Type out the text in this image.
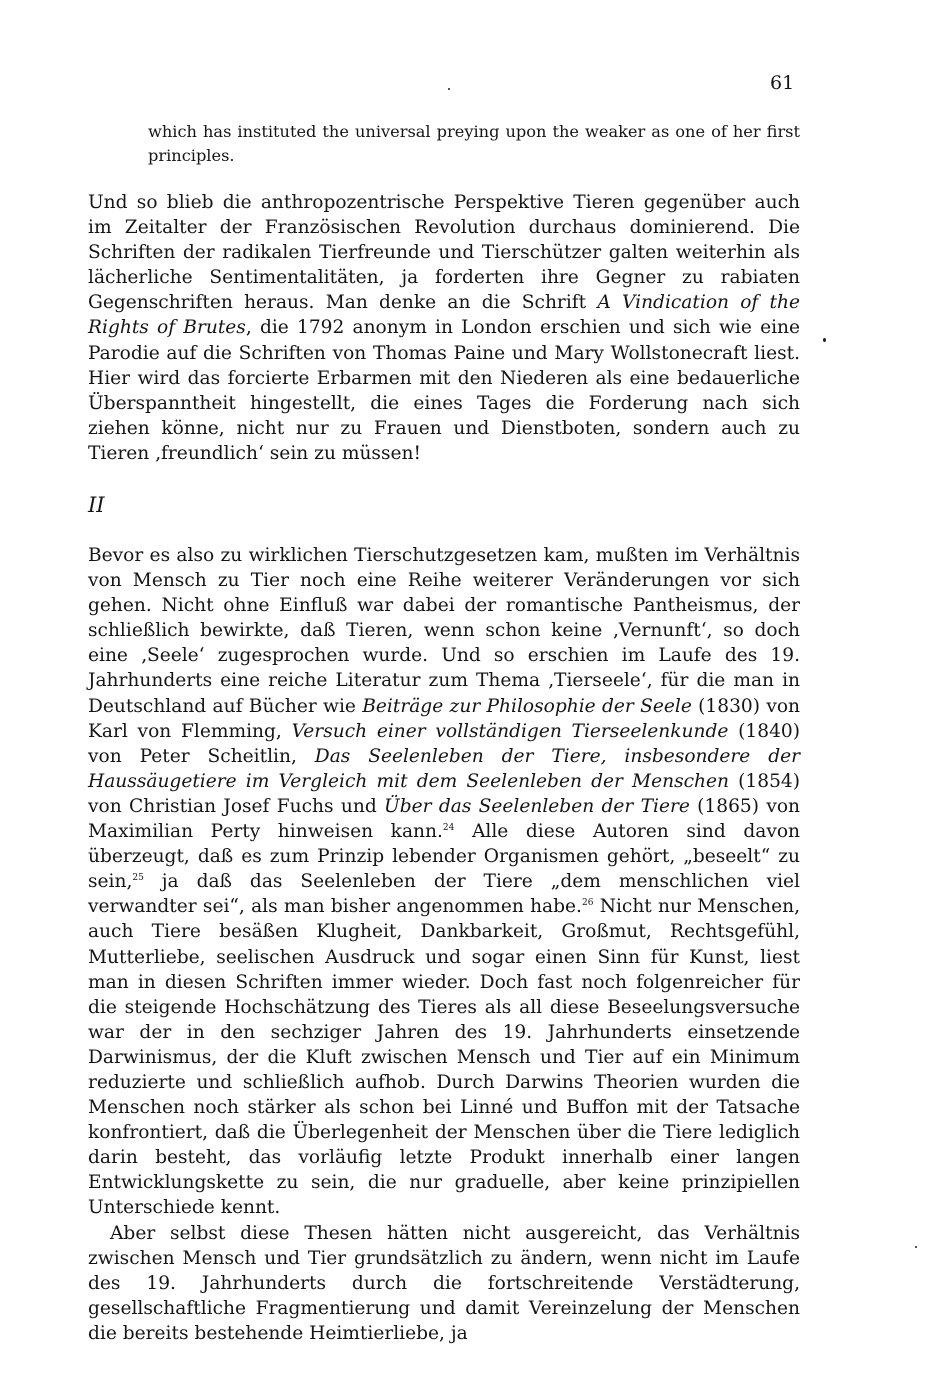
61
which has instituted the universal preying upon the weaker as one of her first principles.

Und so blieb die anthropozentrische Perspektive Tieren gegenüber auch im Zeitalter der Französischen Revolution durchaus dominierend. Die Schriften der radikalen Tierfreunde und Tierschützer galten weiterhin als lächerliche Sentimentalitäten, ja forderten ihre Gegner zu rabiaten Gegenschriften heraus. Man denke an die Schrift A Vindication of the Rights of Brutes, die 1792 anonym in London erschien und sich wie eine Parodie auf die Schriften von Thomas Paine und Mary Wollstonecraft liest. Hier wird das forcierte Erbarmen mit den Niederen als eine bedauerliche Überspanntheit hingestellt, die eines Tages die Forderung nach sich ziehen könne, nicht nur zu Frauen und Dienstboten, sondern auch zu Tieren ‚freundlich‘ sein zu müssen!

II

Bevor es also zu wirklichen Tierschutzgesetzen kam, mußten im Verhältnis von Mensch zu Tier noch eine Reihe weiterer Veränderungen vor sich gehen. Nicht ohne Einfluß war dabei der romantische Pantheismus, der schließlich bewirkte, daß Tieren, wenn schon keine ‚Vernunft‘, so doch eine ‚Seele‘ zugesprochen wurde. Und so erschien im Laufe des 19. Jahrhunderts eine reiche Literatur zum Thema ‚Tierseele‘, für die man in Deutschland auf Bücher wie Beiträge zur Philosophie der Seele (1830) von Karl von Flemming, Versuch einer vollständigen Tierseelenkunde (1840) von Peter Scheitlin, Das Seelenleben der Tiere, insbesondere der Haussäugetiere im Vergleich mit dem Seelenleben der Menschen (1854) von Christian Josef Fuchs und Über das Seelenleben der Tiere (1865) von Maximilian Perty hinweisen kann.$^{24}$ Alle diese Autoren sind davon überzeugt, daß es zum Prinzip lebender Organismen gehört, „beseelt“ zu sein,$^{25}$ ja daß das Seelenleben der Tiere „dem menschlichen viel verwandter sei“, als man bisher angenommen habe.$^{26}$ Nicht nur Menschen, auch Tiere besäßen Klugheit, Dankbarkeit, Großmut, Rechtsgefühl, Mutterliebe, seelischen Ausdruck und sogar einen Sinn für Kunst, liest man in diesen Schriften immer wieder. Doch fast noch folgenreicher für die steigende Hochschätzung des Tieres als all diese Beseelungsversuche war der in den sechziger Jahren des 19. Jahrhunderts einsetzende Darwinismus, der die Kluft zwischen Mensch und Tier auf ein Minimum reduzierte und schließlich aufhob. Durch Darwins Theorien wurden die Menschen noch stärker als schon bei Linné und Buffon mit der Tatsache konfrontiert, daß die Überlegenheit der Menschen über die Tiere lediglich darin besteht, das vorläufig letzte Produkt innerhalb einer langen Entwicklungskette zu sein, die nur graduelle, aber keine prinzipiellen Unterschiede kennt.

Aber selbst diese Thesen hätten nicht ausgereicht, das Verhältnis zwischen Mensch und Tier grundsätzlich zu ändern, wenn nicht im Laufe des 19. Jahrhunderts durch die fortschreitende Verstädterung, gesellschaftliche Fragmentierung und damit Vereinzelung der Menschen die bereits bestehende Heimtierliebe, ja
